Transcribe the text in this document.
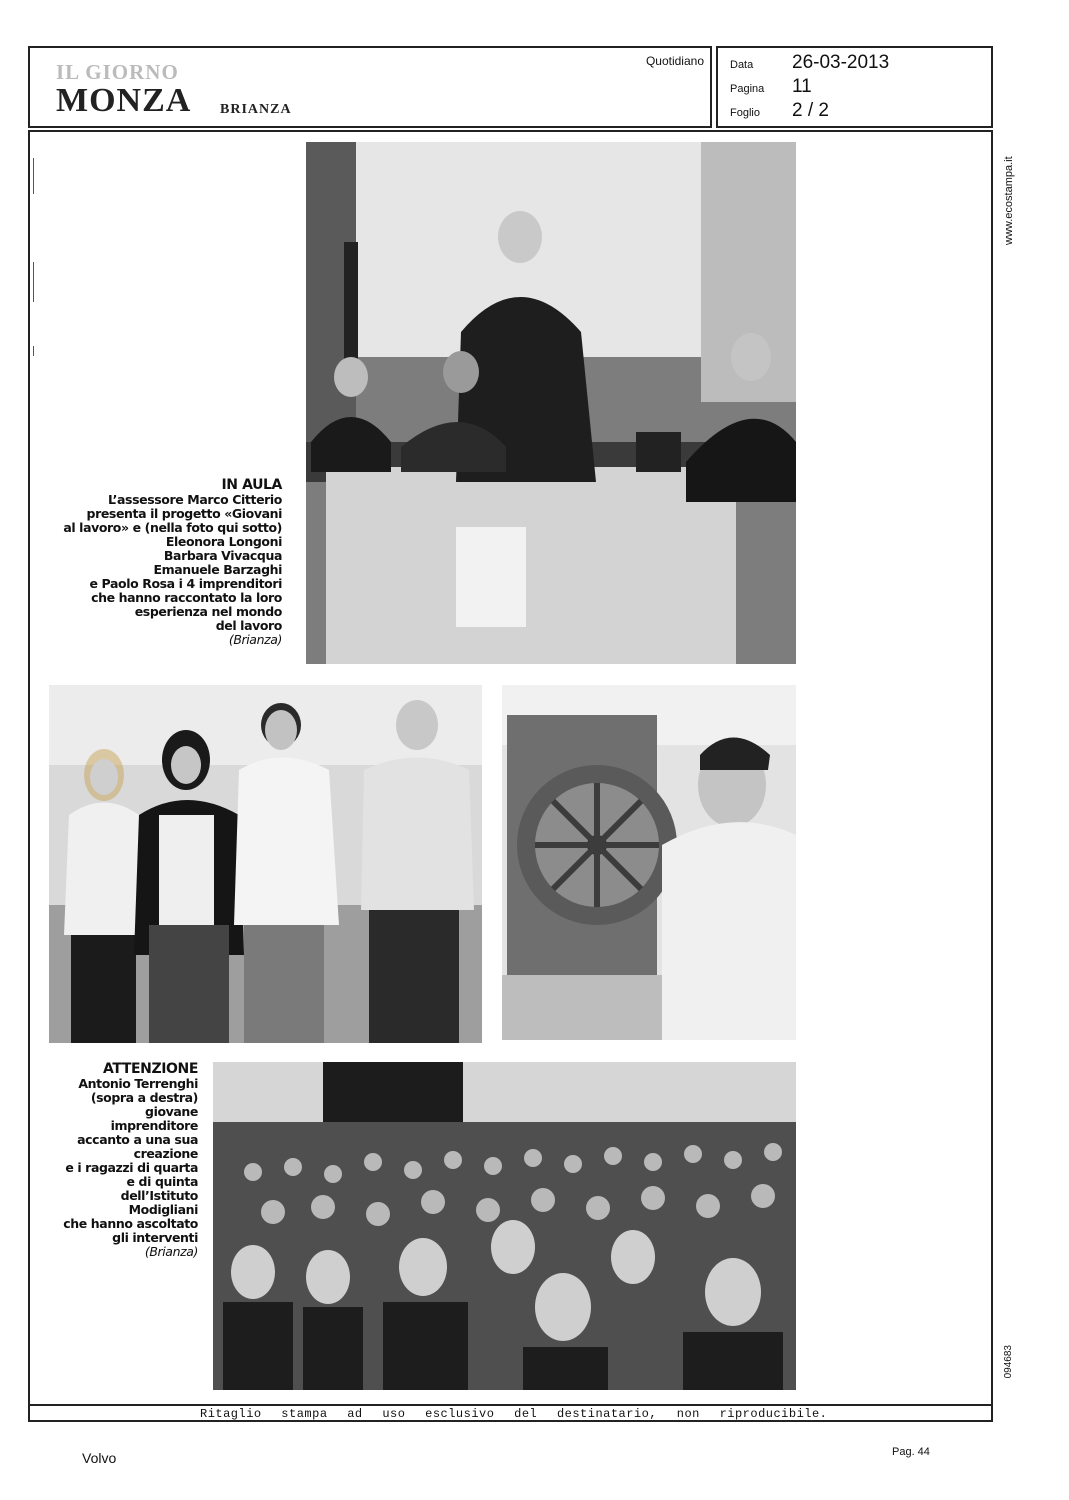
IL GIORNO
MONZA BRIANZA
Quotidiano Data	26-03-2013
Pagina	11
Foglio	2 / 2
www.ecostampa.it
094683
IN AULA
L’assessore Marco Citterio
presenta il progetto «Giovani
al lavoro» e (nella foto qui sotto)
Eleonora Longoni
Barbara Vivacqua
Emanuele Barzaghi
e Paolo Rosa i 4 imprenditori
che hanno raccontato la loro
esperienza nel mondo
del lavoro
(Brianza)
ATTENZIONE
Antonio Terrenghi
(sopra a destra)
giovane
imprenditore
accanto a una sua
creazione
e i ragazzi di quarta
e di quinta
dell’Istituto
Modigliani
che hanno ascoltato
gli interventi
(Brianza)
Ritaglio stampa ad uso esclusivo del destinatario, non riproducibile.
Volvo	Pag. 44
